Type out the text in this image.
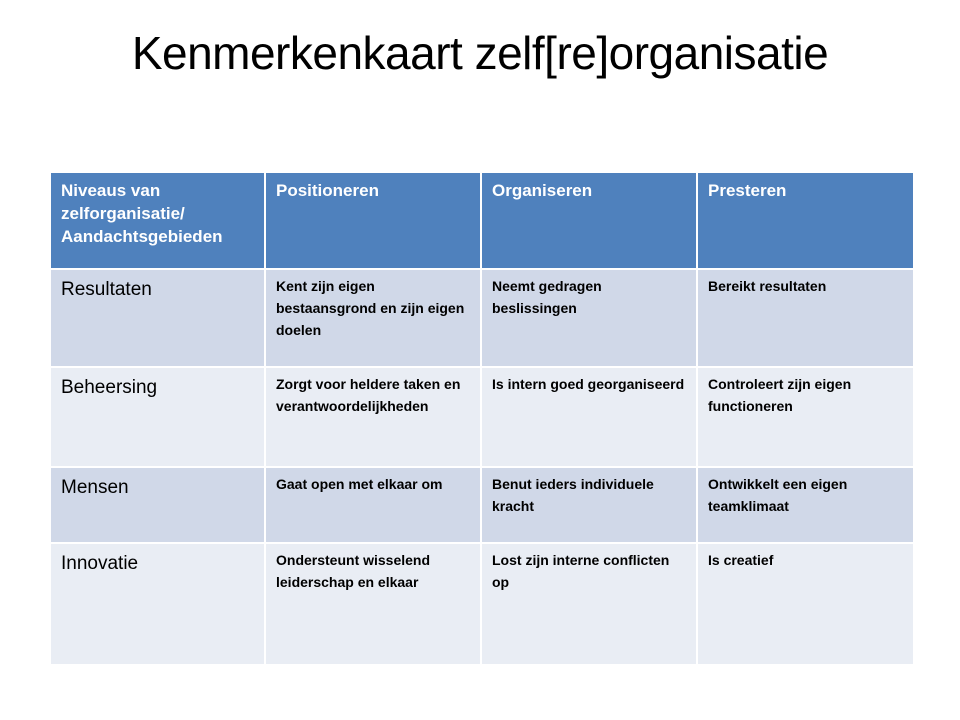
Kenmerkenkaart zelf[re]organisatie
Niveaus van zelforganisatie/ Aandachtsgebieden	Positioneren	Organiseren	Presteren
Resultaten	Kent zijn eigen bestaansgrond en zijn eigen doelen	Neemt gedragen beslissingen	Bereikt resultaten
Beheersing	Zorgt voor heldere taken en verantwoordelijkheden	Is intern goed georganiseerd	Controleert zijn eigen functioneren
Mensen	Gaat open met elkaar om	Benut ieders individuele kracht	Ontwikkelt een eigen teamklimaat
Innovatie	Ondersteunt wisselend leiderschap en elkaar	Lost zijn interne conflicten op	Is creatief
